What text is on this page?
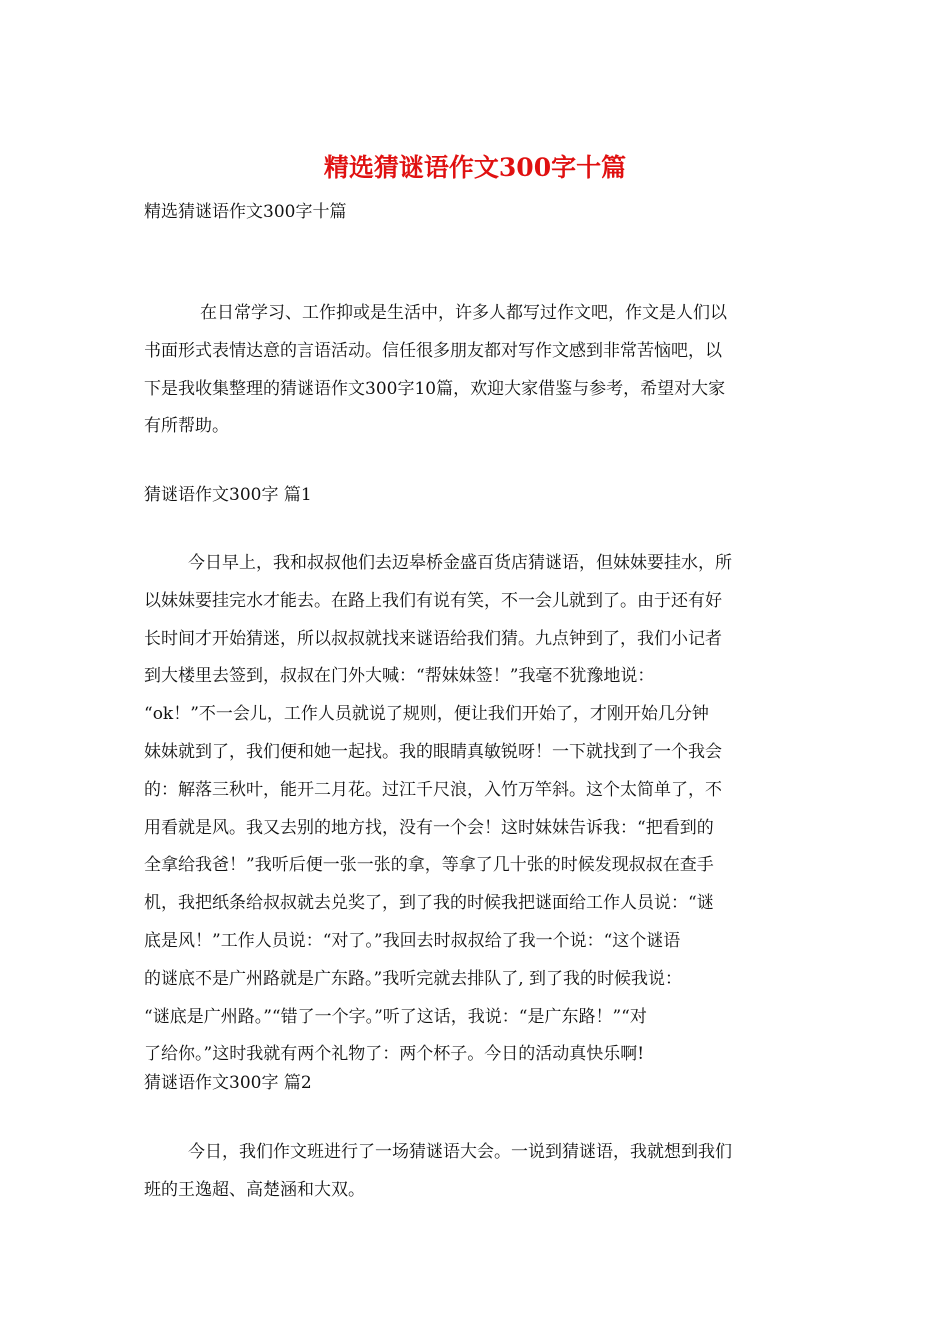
精选猜谜语作文300字十篇
精选猜谜语作文300字十篇
在日常学习、工作抑或是生活中，许多人都写过作文吧，作文是人们以
书面形式表情达意的言语活动。信任很多朋友都对写作文感到非常苦恼吧，以
下是我收集整理的猜谜语作文300字10篇，欢迎大家借鉴与参考，希望对大家
有所帮助。
猜谜语作文300字 篇1
今日早上，我和叔叔他们去迈皋桥金盛百货店猜谜语，但妹妹要挂水，所
以妹妹要挂完水才能去。在路上我们有说有笑，不一会儿就到了。由于还有好
长时间才开始猜迷，所以叔叔就找来谜语给我们猜。九点钟到了，我们小记者
到大楼里去签到，叔叔在门外大喊：“帮妹妹签！”我毫不犹豫地说：
“ok！”不一会儿，工作人员就说了规则，便让我们开始了，才刚开始几分钟
妹妹就到了，我们便和她一起找。我的眼睛真敏锐呀！一下就找到了一个我会
的：解落三秋叶，能开二月花。过江千尺浪，入竹万竿斜。这个太简单了，不
用看就是风。我又去别的地方找，没有一个会！这时妹妹告诉我：“把看到的
全拿给我爸！”我听后便一张一张的拿，等拿了几十张的时候发现叔叔在查手
机，我把纸条给叔叔就去兑奖了，到了我的时候我把谜面给工作人员说：“谜
底是风！”工作人员说：“对了。”我回去时叔叔给了我一个说：“这个谜语
的谜底不是广州路就是广东路。”我听完就去排队了, 到了我的时候我说：
“谜底是广州路。”“错了一个字。”听了这话，我说：“是广东路！”“对
了给你。”这时我就有两个礼物了：两个杯子。今日的活动真快乐啊!
猜谜语作文300字 篇2
今日，我们作文班进行了一场猜谜语大会。一说到猜谜语，我就想到我们
班的王逸超、高楚涵和大双。
